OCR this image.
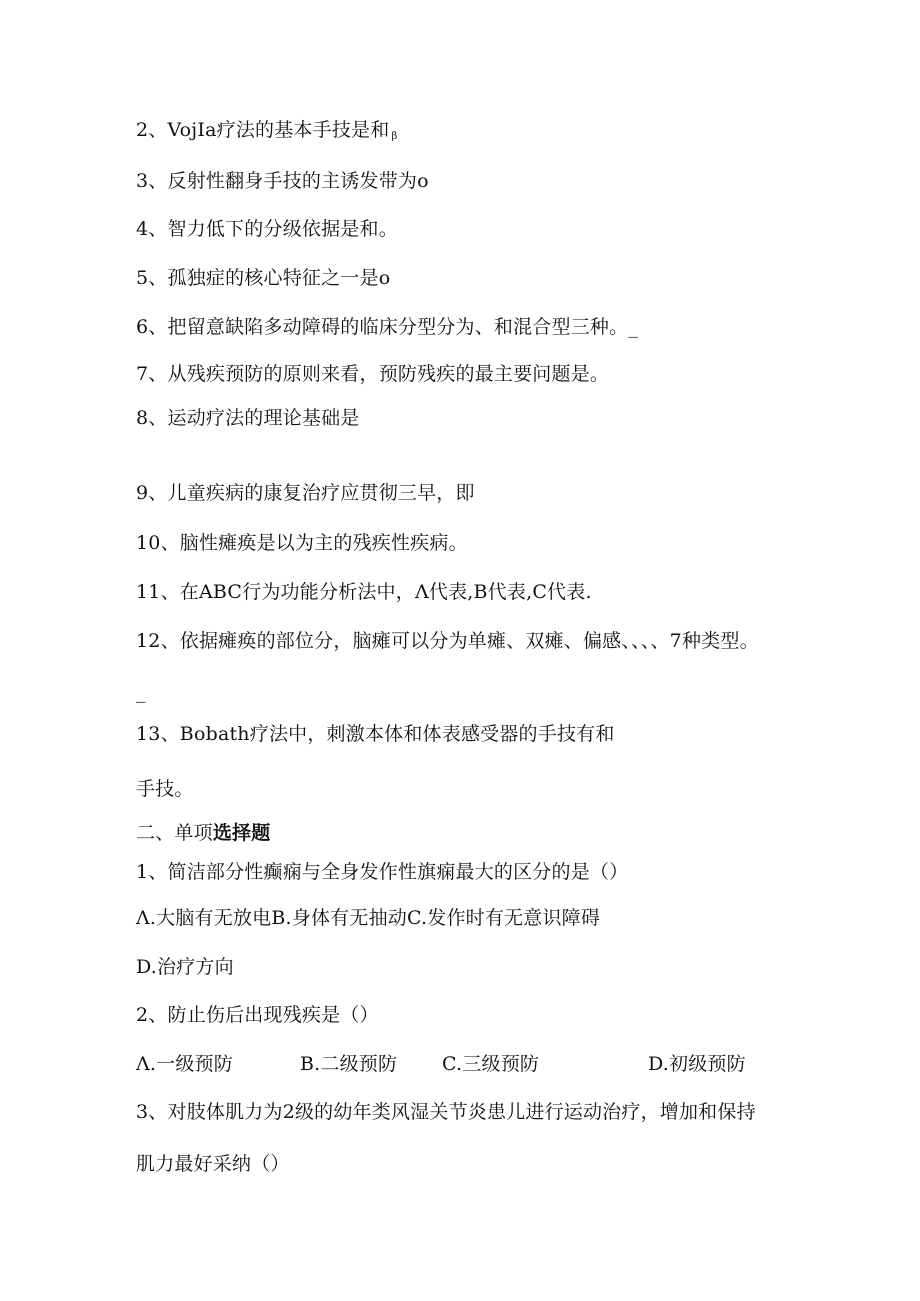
2、VojIa疗法的基本手技是和 $_\beta$
3、反射性翻身手技的主诱发带为o
4、智力低下的分级依据是和。
5、孤独症的核心特征之一是o
6、把留意缺陷多动障碍的临床分型分为、和混合型三种。_
7、从残疾预防的原则来看，预防残疾的最主要问题是。
8、运动疗法的理论基础是
9、儿童疾病的康复治疗应贯彻三早，即
10、脑性瘫痪是以为主的残疾性疾病。
11、在ABC行为功能分析法中，Λ代表,B代表,C代表.
12、依据瘫痪的部位分，脑瘫可以分为单瘫、双瘫、偏感、、、、7种类型。
_
13、Bobath疗法中，刺激本体和体表感受器的手技有和
手技。
二、单项选择题
1、简洁部分性癫痫与全身发作性旗痫最大的区分的是（）
Λ.大脑有无放电B.身体有无抽动C.发作时有无意识障碍
D.治疗方向
2、防止伤后出现残疾是（）
Λ.一级预防	B.二级预防 C.三级预防	D.初级预防
3、对肢体肌力为2级的幼年类风湿关节炎患儿进行运动治疗，增加和保持
肌力最好采纳（）
